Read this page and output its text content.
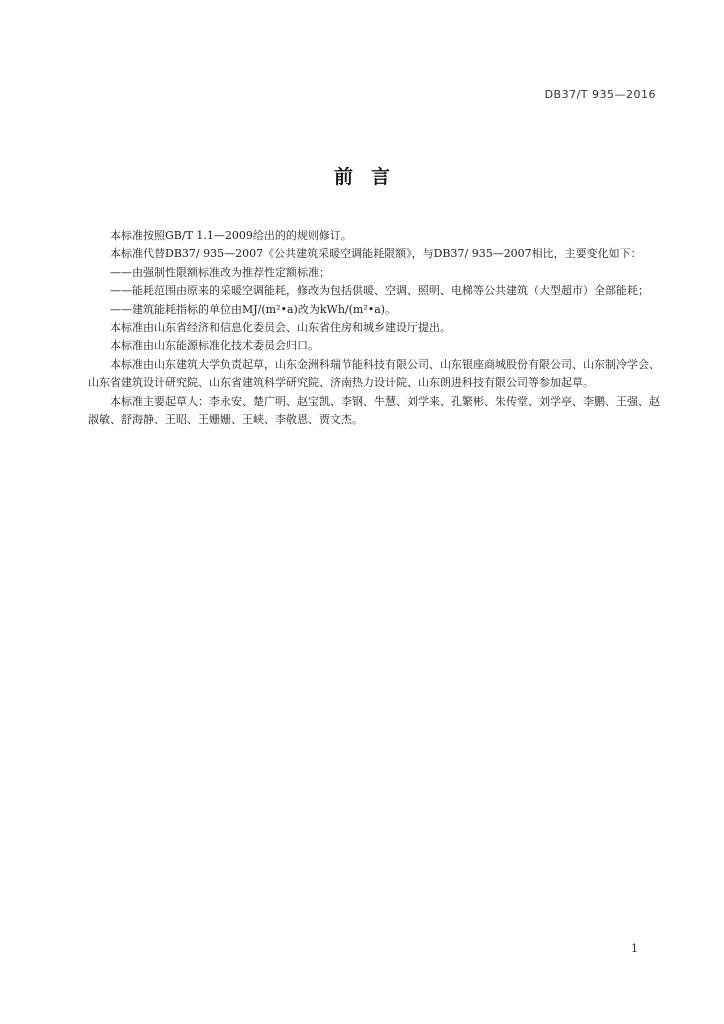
DB37/T 935—2016
前言

本标准按照GB/T 1.1—2009给出的的规则修订。

本标准代替DB37/ 935—2007《公共建筑采暖空调能耗限额》，与DB37/ 935—2007相比，主要变化如下：

——由强制性限额标准改为推荐性定额标准；

——能耗范围由原来的采暖空调能耗，修改为包括供暖、空调、照明、电梯等公共建筑（大型超市）全部能耗；

——建筑能耗指标的单位由MJ/(m²•a)改为kWh/(m²•a)。

本标准由山东省经济和信息化委员会、山东省住房和城乡建设厅提出。

本标准由山东能源标准化技术委员会归口。

本标准由山东建筑大学负责起草，山东金洲科瑞节能科技有限公司、山东银座商城股份有限公司、山东制冷学会、山东省建筑设计研究院、山东省建筑科学研究院、济南热力设计院、山东朗进科技有限公司等参加起草。

本标准主要起草人：李永安、楚广明、赵宝凯、李钢、牛慧、刘学来、孔繁彬、朱传堂、刘学亭、李鹏、王强、赵淑敏、舒海静、王昭、王姗姗、王峡、李敬恩、贾文杰。

1
